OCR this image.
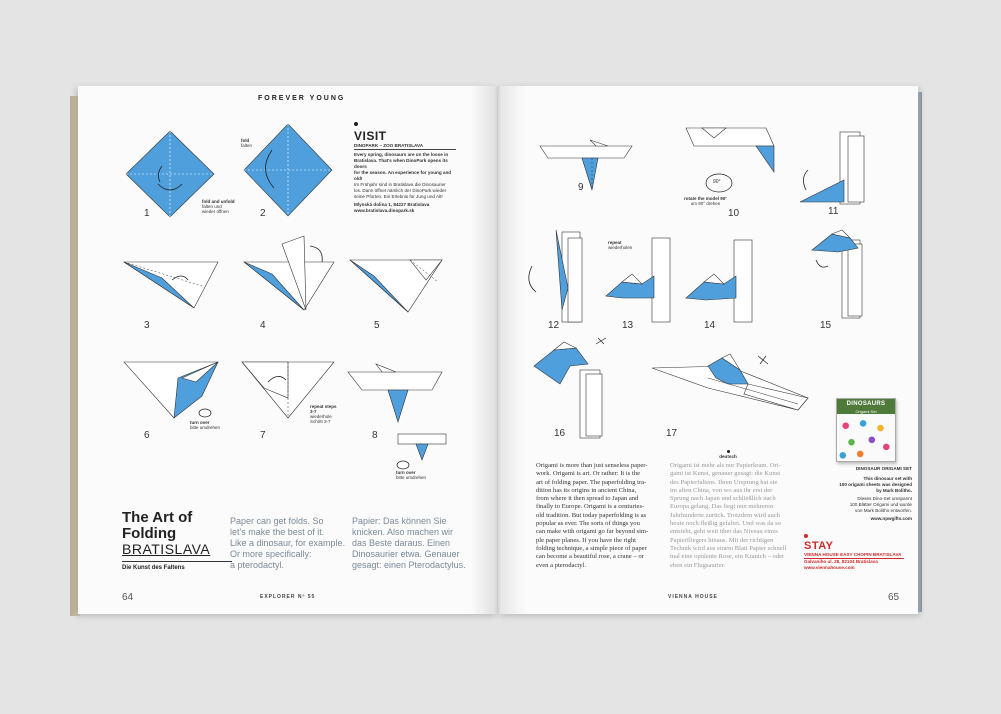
FOREVER YOUNG
1
fold and unfold
falten und
wieder öffnen	2
fold
falten
3	4	5
6
turn over
bitte umdrehen
7
repeat steps
3-7
wiederhole
Schritt 3-7
8
turn over
bitte umdrehen
VISIT
DINOPARK – ZOO BRATISLAVA
Every spring, dinosaurs are on the loose in
Bratislava. That's when DinoPark opens its doors
for the season. An experience for young and old!
Im Frühjahr sind in Bratislava die Dinosaurier
los. Dann öffnet nämlich der DinoPark wieder
seine Pforten. Ein Erlebnis für Jung und Alt!
Mlynská dolina 1, 84227 Bratislava
www.bratislava.dinopark.sk
The Art of
Folding
BRATISLAVA
Die Kunst des Faltens
Paper can get folds. So
let's make the best of it.
Like a dinosaur, for example.
Or more specifically:
a pterodactyl.
Papier: Das können Sie
knicken. Also machen wir
das Beste daraus. Einen
Dinosaurier etwa. Genauer
gesagt: einen Pterodactylus.
64	EXPLORER Nº 55
9	90°
rotate the model 90°
um 90° drehen
10	11
12
repeat
wiederholen
13	14	15
16	17
Origami is more than just senseless paper-
work. Origami is art. Or rather: It is the
art of folding paper. The paperfolding tra-
dition has its origins in ancient China,
from where it then spread to Japan and
finally to Europe. Origami is a centuries-
old tradition. But today paperfolding is as
popular as ever. The sorts of things you
can make with origami go far beyond sim-
ple paper planes. If you have the right
folding technique, a simple piece of paper
can become a beautiful rose, a crane – or
even a pterodactyl.
deutsch
Origami ist mehr als nur Papierkram. Ori-
gami ist Kunst, genauer gesagt: die Kunst
des Papierfaltens. Ihren Ursprung hat sie
im alten China, von wo aus ihr erst der
Sprung nach Japan und schließlich nach
Europa gelang. Das liegt nun mehreren
Jahrhunderte zurück. Trotzdem wird auch
heute noch fleißig gefaltet. Und was da so
entsteht, geht weit über das Niveau eines
Papierfliegers hinaus. Mit der richtigen
Technik wird aus einem Blatt Papier schnell
mal eine opulente Rose, ein Kranich – oder
eben ein Flugsaurier.
DINOSAURS
Origami Set
DINOSAUR ORIGAMI SET
This dinosaur set with
100 origami sheets was designed
by Mark Bolitho.
Dieses Dino-Set umspannt
100 Blätter Origami und wurde
von Mark Bolitho entworfen.
www.npwgifts.com
STAY
VIENNA HOUSE EASY CHOPIN BRATISLAVA
Galvaniho ul. 28, 82104 Bratislava
www.viennahouse.com
VIENNA HOUSE	65
